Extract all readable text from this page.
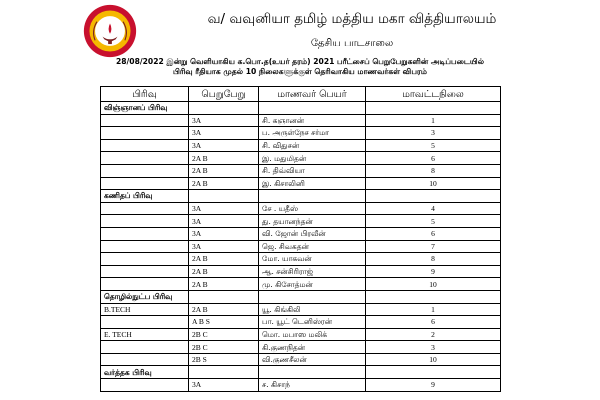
வ/ வவுனியா தமிழ் மத்திய மகா வித்தியாலயம்
தேசிய பாடசாலை
28/08/2022 இன்று வெளியாகிய க.பொ.த(உயர் தரம்) 2021 பரீட்சைப் பெறுபேறுகளின் அடிப்படையில்
பிரிவு ரீதியாக முதல் 10 நிலைகளுக்குள் தெரிவாகிய மாணவர்கள் விபரம்
பிரிவு	பெறுபேறு	மாணவர் பெயர்	மாவட்டநிலை
விஞ்ஞானப் பிரிவு			
	3A	சி. கஞானன்	1
	3A	ப. அருள்நேச சர்மா	3
	3A	சி. விதுசன்	5
	2A B	இ. மதுமிதன்	6
	2A B	சி. திவ்வியா	8
	2A B	இ. கிசாலினி	10
கணிதப் பிரிவு			
	3A	சே . யதீஸ்	4
	3A	து. தயானந்தன்	5
	3A	வி. ஜோன் பிரவீன்	6
	3A	ஜெ. சிவகதன்	7
	2A B	மோ. யாகவன்	8
	2A B	ஆ. சன்சிரிராஜ்	9
	2A B	மு. கிசோத்மன்	10
தொழில்நுட்ப பிரிவு			
B.TECH	2A B	யூ. கிங்கிலி	1
	A B S	பா. யூட் டெனிஸ்ரன்	6
E. TECH	2B C	மொ. மபாஸ மலிக்	2
	2B C	கி.குணநிதன்	3
	2B S	வி.குணசீலன்	10
வர்த்தக பிரிவு			
	3A	ச. கிசாந்	9
